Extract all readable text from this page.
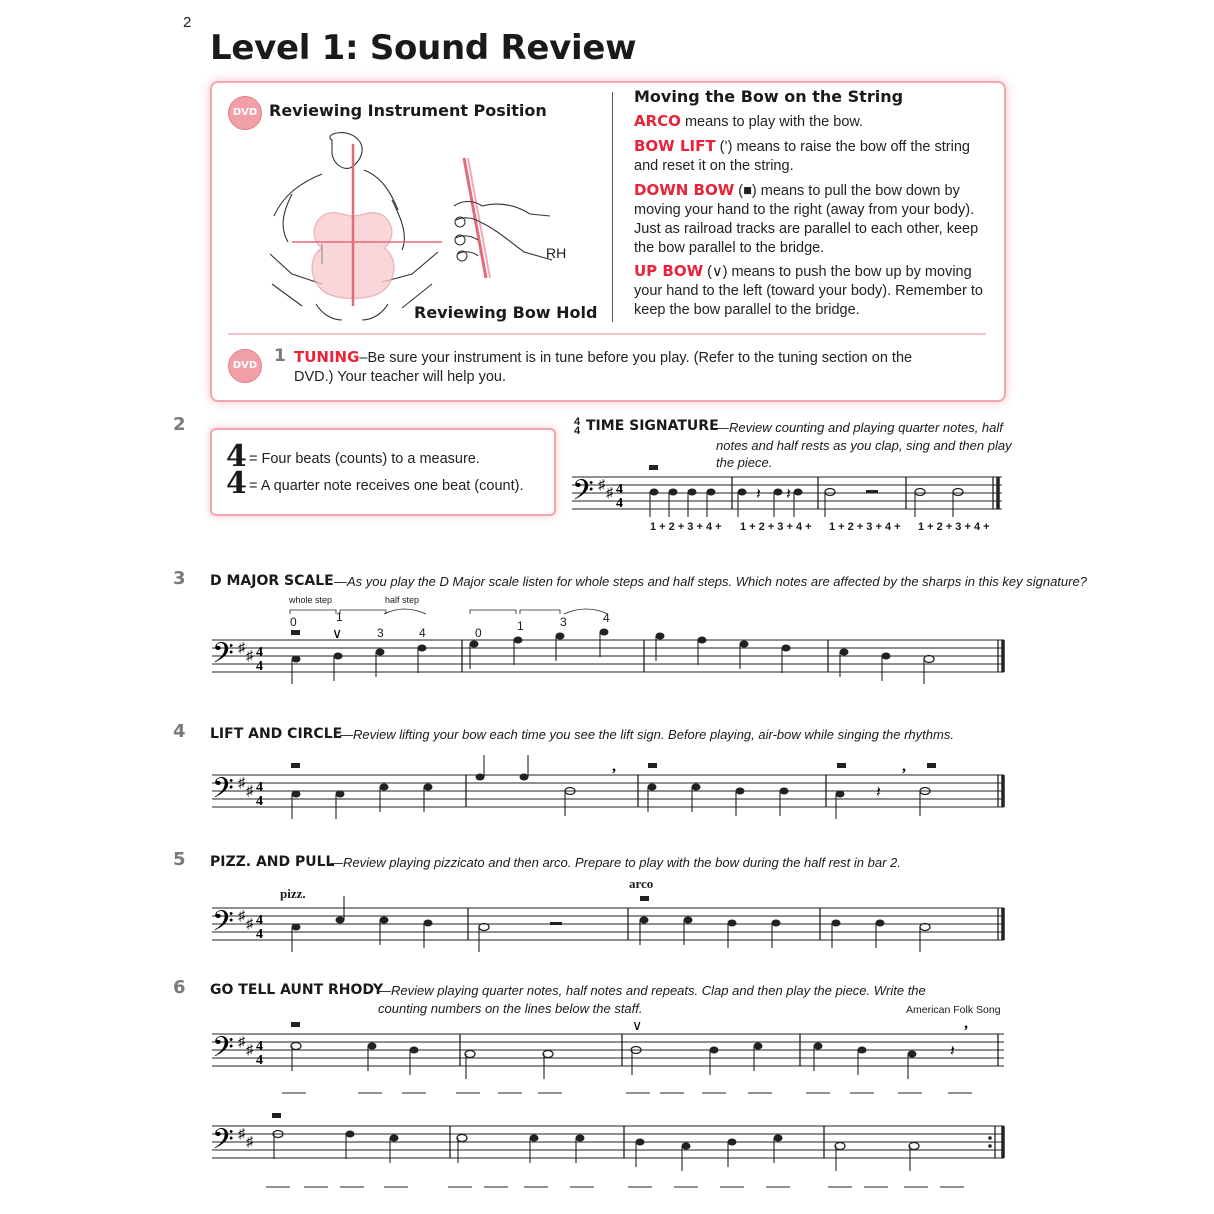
2
Level 1: Sound Review
DVD Reviewing Instrument Position
RH
Reviewing Bow Hold
Moving the Bow on the String
ARCO means to play with the bow.
BOW LIFT (’) means to raise the bow off the string and reset it on the string.
DOWN BOW (■) means to pull the bow down by moving your hand to the right (away from your body). Just as railroad tracks are parallel to each other, keep the bow parallel to the bridge.
UP BOW (∨) means to push the bow up by moving your hand to the left (toward your body). Remember to keep the bow parallel to the bridge.
DVD 1 TUNING–Be sure your instrument is in tune before you play. (Refer to the tuning section on the DVD.) Your teacher will help you.
2
4
4
= Four beats (counts) to a measure.
= A quarter note receives one beat (count).
4
4 TIME SIGNATURE
—Review counting and playing quarter notes, half notes and half rests as you clap, sing and then play the piece.
𝄢 ♯
♯ 4
4
𝄽 𝄽
1 + 2 + 3 + 4 +	1 + 2 + 3 + 4 +	1 + 2 + 3 + 4 +	1 + 2 + 3 + 4 +
3 D MAJOR SCALE —As you play the D Major scale listen for whole steps and half steps. Which notes are affected by the sharps in this key signature?
whole step	half step
0	1
3	4	0	1	3	4
𝄢 ♯
♯ 4
4
∨
4 LIFT AND CIRCLE
—Review lifting your bow each time you see the lift sign. Before playing, air-bow while singing the rhythms.
𝄢 ♯
♯ 4
4
,	,
𝄽
5 PIZZ. AND PULL
—Review playing pizzicato and then arco. Prepare to play with the bow during the half rest in bar 2.
pizz.
arco
𝄢 ♯
♯ 4
4
6 GO TELL AUNT RHODY
—Review playing quarter notes, half notes and repeats. Clap and then play the piece. Write the counting numbers on the lines below the staff.	American Folk Song
𝄢 ♯
♯ 4
4
∨	,
𝄽
𝄢 ♯
♯
